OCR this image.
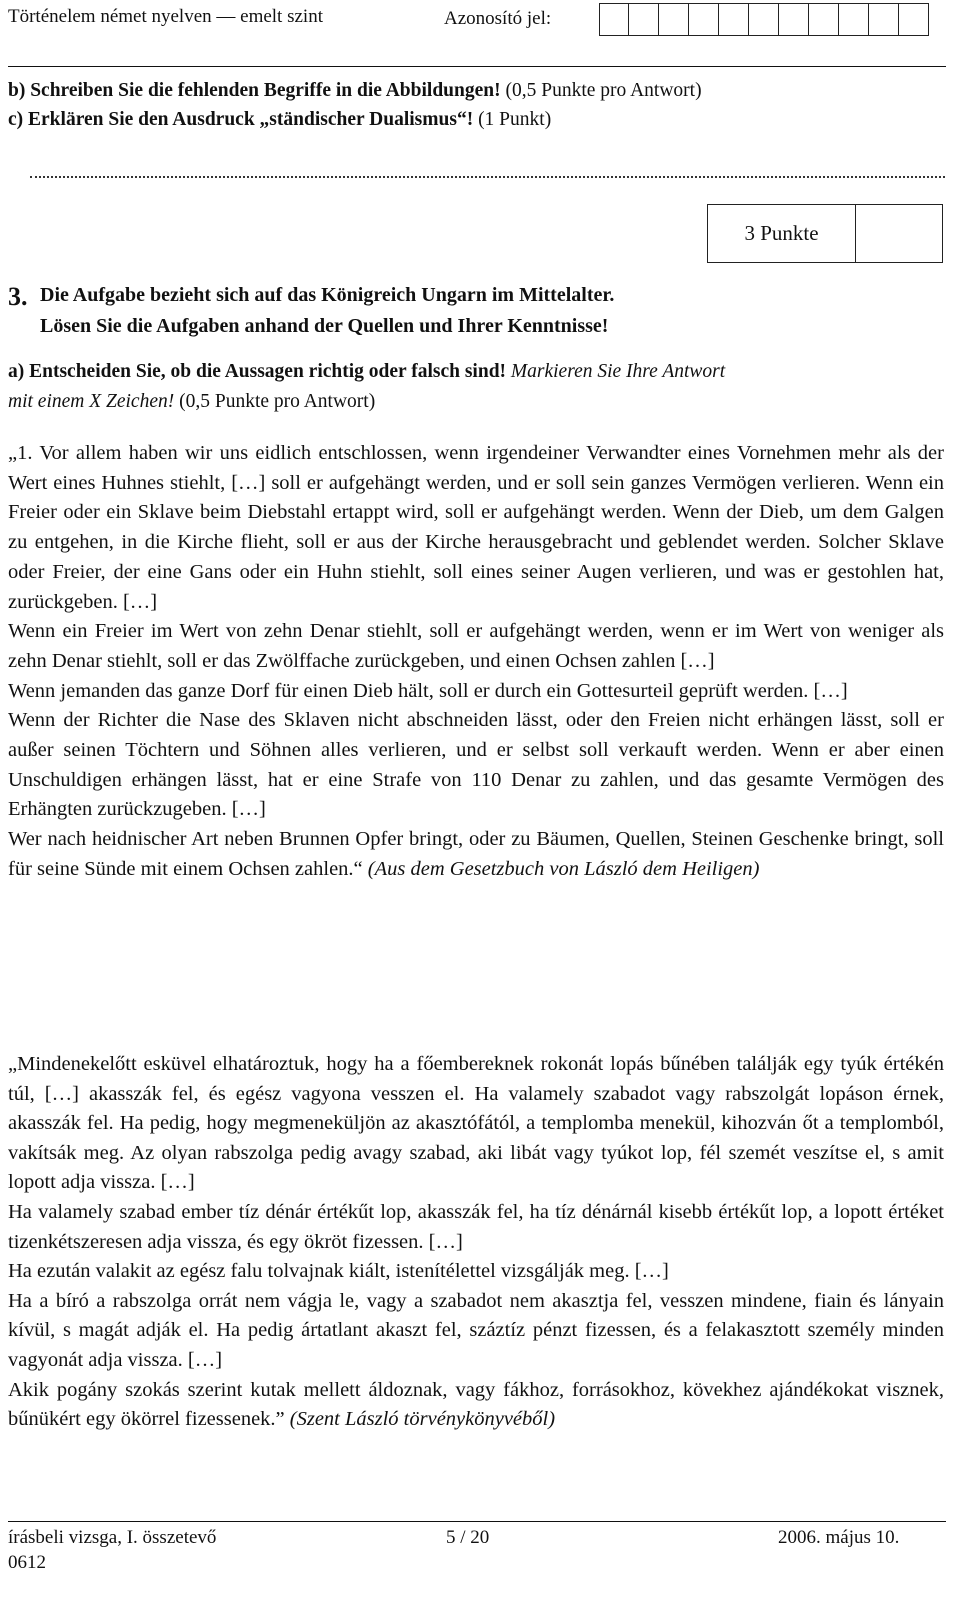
Történelem német nyelven — emelt szint	Azonosító jel:
b) Schreiben Sie die fehlenden Begriffe in die Abbildungen! (0,5 Punkte pro Antwort)
c) Erklären Sie den Ausdruck „ständischer Dualismus“! (1 Punkt)
3 Punkte
3. Die Aufgabe bezieht sich auf das Königreich Ungarn im Mittelalter.
Lösen Sie die Aufgaben anhand der Quellen und Ihrer Kenntnisse!
a) Entscheiden Sie, ob die Aussagen richtig oder falsch sind! Markieren Sie Ihre Antwort
mit einem X Zeichen! (0,5 Punkte pro Antwort)

„1. Vor allem haben wir uns eidlich entschlossen, wenn irgendeiner Verwandter eines Vornehmen mehr als der Wert eines Huhnes stiehlt, […] soll er aufgehängt werden, und er soll sein ganzes Vermögen verlieren. Wenn ein Freier oder ein Sklave beim Diebstahl ertappt wird, soll er aufgehängt werden. Wenn der Dieb, um dem Galgen zu entgehen, in die Kirche flieht, soll er aus der Kirche herausgebracht und geblendet werden. Solcher Sklave oder Freier, der eine Gans oder ein Huhn stiehlt, soll eines seiner Augen verlieren, und was er gestohlen hat, zurückgeben. […]

Wenn ein Freier im Wert von zehn Denar stiehlt, soll er aufgehängt werden, wenn er im Wert von weniger als zehn Denar stiehlt, soll er das Zwölffache zurückgeben, und einen Ochsen zahlen […]

Wenn jemanden das ganze Dorf für einen Dieb hält, soll er durch ein Gottesurteil geprüft werden. […]

Wenn der Richter die Nase des Sklaven nicht abschneiden lässt, oder den Freien nicht erhängen lässt, soll er außer seinen Töchtern und Söhnen alles verlieren, und er selbst soll verkauft werden. Wenn er aber einen Unschuldigen erhängen lässt, hat er eine Strafe von 110 Denar zu zahlen, und das gesamte Vermögen des Erhängten zurückzugeben. […]

Wer nach heidnischer Art neben Brunnen Opfer bringt, oder zu Bäumen, Quellen, Steinen Geschenke bringt, soll für seine Sünde mit einem Ochsen zahlen.“ (Aus dem Gesetzbuch von László dem Heiligen)

„Mindenekelőtt esküvel elhatároztuk, hogy ha a főembereknek rokonát lopás bűnében találják egy tyúk értékén túl, […] akasszák fel, és egész vagyona vesszen el. Ha valamely szabadot vagy rabszolgát lopáson érnek, akasszák fel. Ha pedig, hogy megmeneküljön az akasztófától, a templomba menekül, kihozván őt a templomból, vakítsák meg. Az olyan rabszolga pedig avagy szabad, aki libát vagy tyúkot lop, fél szemét veszítse el, s amit lopott adja vissza. […]

Ha valamely szabad ember tíz dénár értékűt lop, akasszák fel, ha tíz dénárnál kisebb értékűt lop, a lopott értéket tizenkétszeresen adja vissza, és egy ökröt fizessen. […]

Ha ezután valakit az egész falu tolvajnak kiált, istenítélettel vizsgálják meg. […]

Ha a bíró a rabszolga orrát nem vágja le, vagy a szabadot nem akasztja fel, vesszen mindene, fiain és lányain kívül, s magát adják el. Ha pedig ártatlant akaszt fel, száztíz pénzt fizessen, és a felakasztott személy minden vagyonát adja vissza. […]

Akik pogány szokás szerint kutak mellett áldoznak, vagy fákhoz, forrásokhoz, kövekhez ajándékokat visznek, bűnükért egy ökörrel fizessenek.” (Szent László törvénykönyvéből)

írásbeli vizsga, I. összetevő	5 / 20	2006. május 10.
0612
